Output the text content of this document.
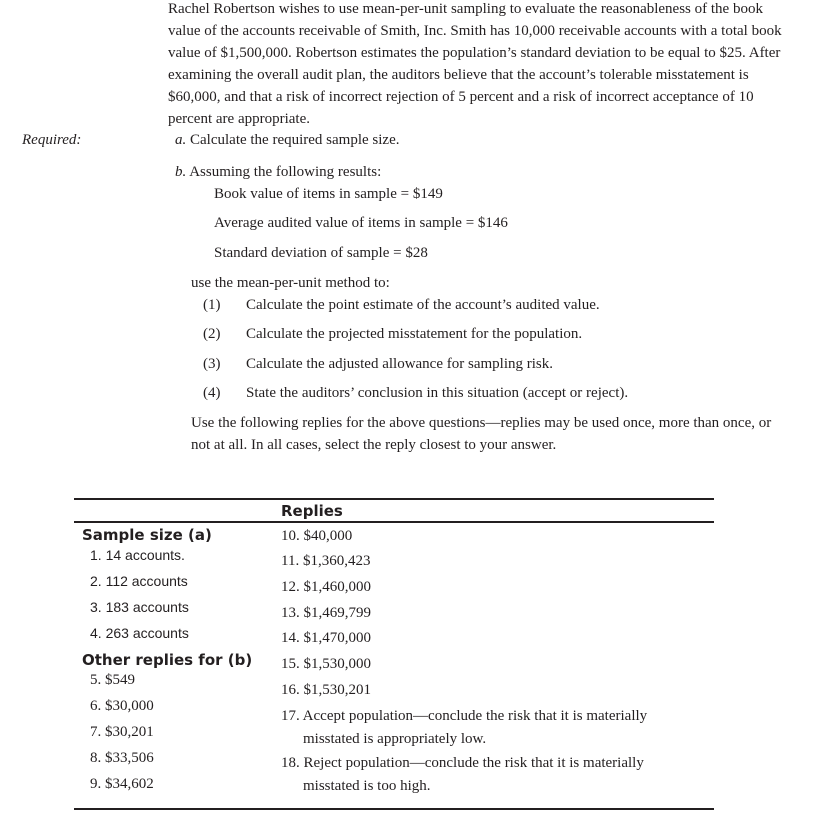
Rachel Robertson wishes to use mean-per-unit sampling to evaluate the reasonableness of the book
value of the accounts receivable of Smith, Inc. Smith has 10,000 receivable accounts with a total book
value of $1,500,000. Robertson estimates the population’s standard deviation to be equal to $25. After
examining the overall audit plan, the auditors believe that the account’s tolerable misstatement is
$60,000, and that a risk of incorrect rejection of 5 percent and a risk of incorrect acceptance of 10
percent are appropriate.
Required:	a. Calculate the required sample size.
b. Assuming the following results:
Book value of items in sample = $149
Average audited value of items in sample = $146
Standard deviation of sample = $28
use the mean-per-unit method to:
(1) Calculate the point estimate of the account’s audited value.
(2) Calculate the projected misstatement for the population.
(3) Calculate the adjusted allowance for sampling risk.
(4) State the auditors’ conclusion in this situation (accept or reject).
Use the following replies for the above questions—replies may be used once, more than once, or
not at all. In all cases, select the reply closest to your answer.
Replies
Sample size (a)
1. 14 accounts.
2. 112 accounts
3. 183 accounts
4. 263 accounts
Other replies for (b)
5. $549
6. $30,000
7. $30,201
8. $33,506
9. $34,602
10. $40,000
11. $1,360,423
12. $1,460,000
13. $1,469,799
14. $1,470,000
15. $1,530,000
16. $1,530,201
17. Accept population—conclude the risk that it is materially
misstated is appropriately low.
18. Reject population—conclude the risk that it is materially
misstated is too high.
